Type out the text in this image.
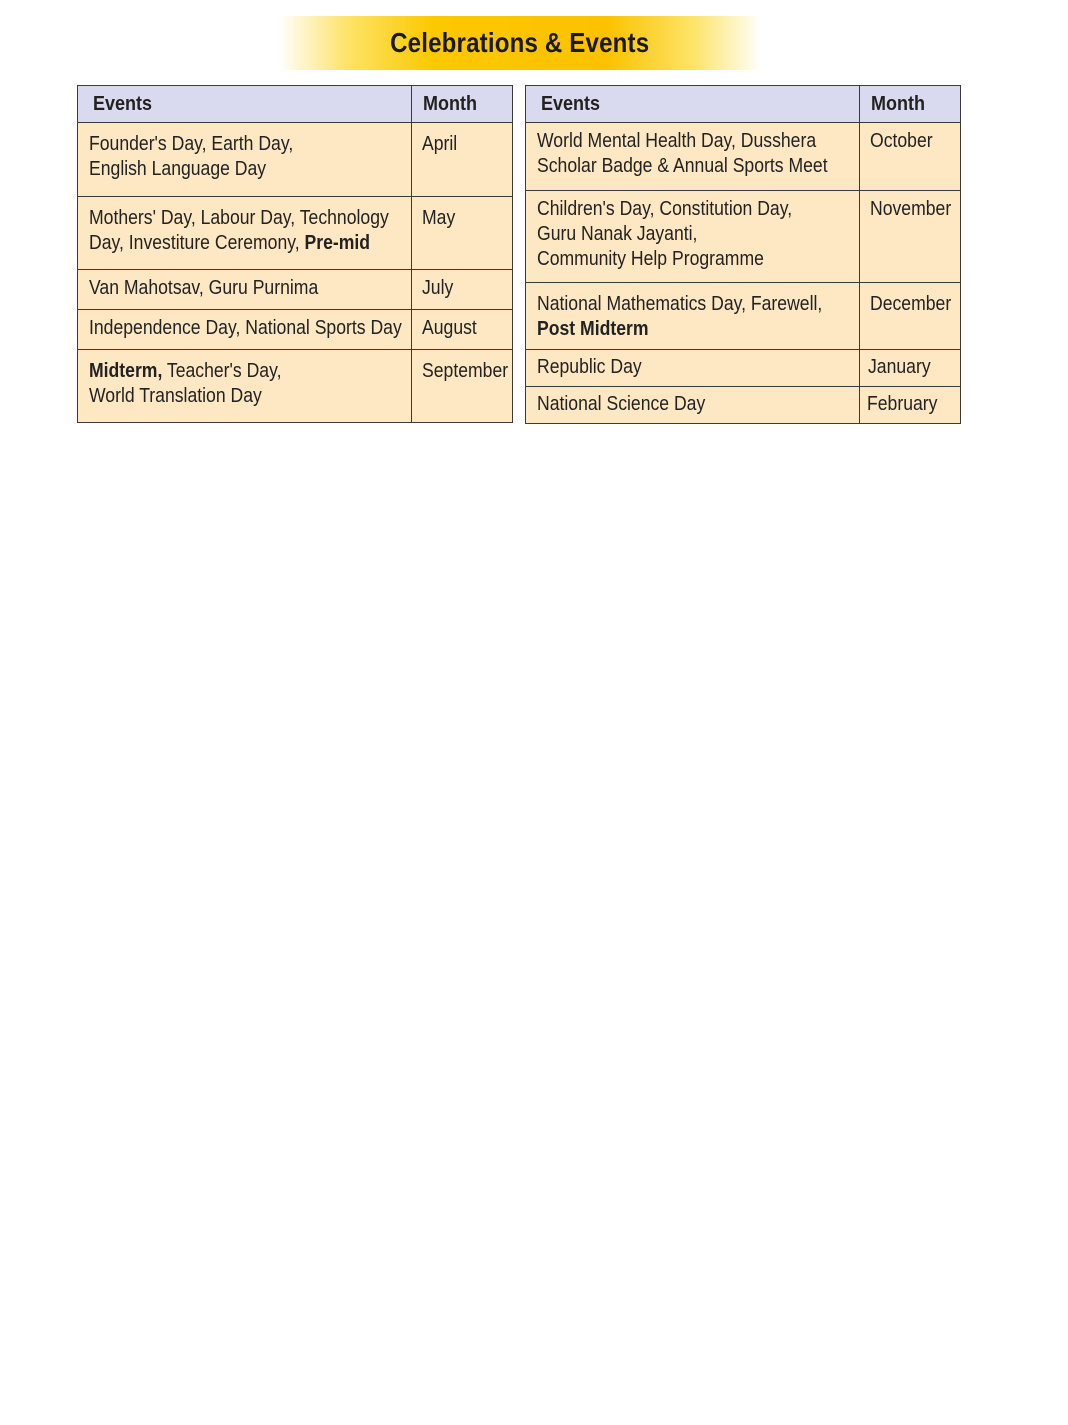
Celebrations & Events
Events	Month
Founder's Day, Earth Day,
English Language Day	April
Mothers' Day, Labour Day, Technology
Day, Investiture Ceremony, Pre-mid	May
Van Mahotsav, Guru Purnima	July
Independence Day, National Sports Day	August
Midterm, Teacher's Day,
World Translation Day	September
Events	Month
World Mental Health Day, Dusshera
Scholar Badge & Annual Sports Meet	October
Children's Day, Constitution Day,
Guru Nanak Jayanti,
Community Help Programme	November
National Mathematics Day, Farewell,
Post Midterm	December
Republic Day	January
National Science Day	February
